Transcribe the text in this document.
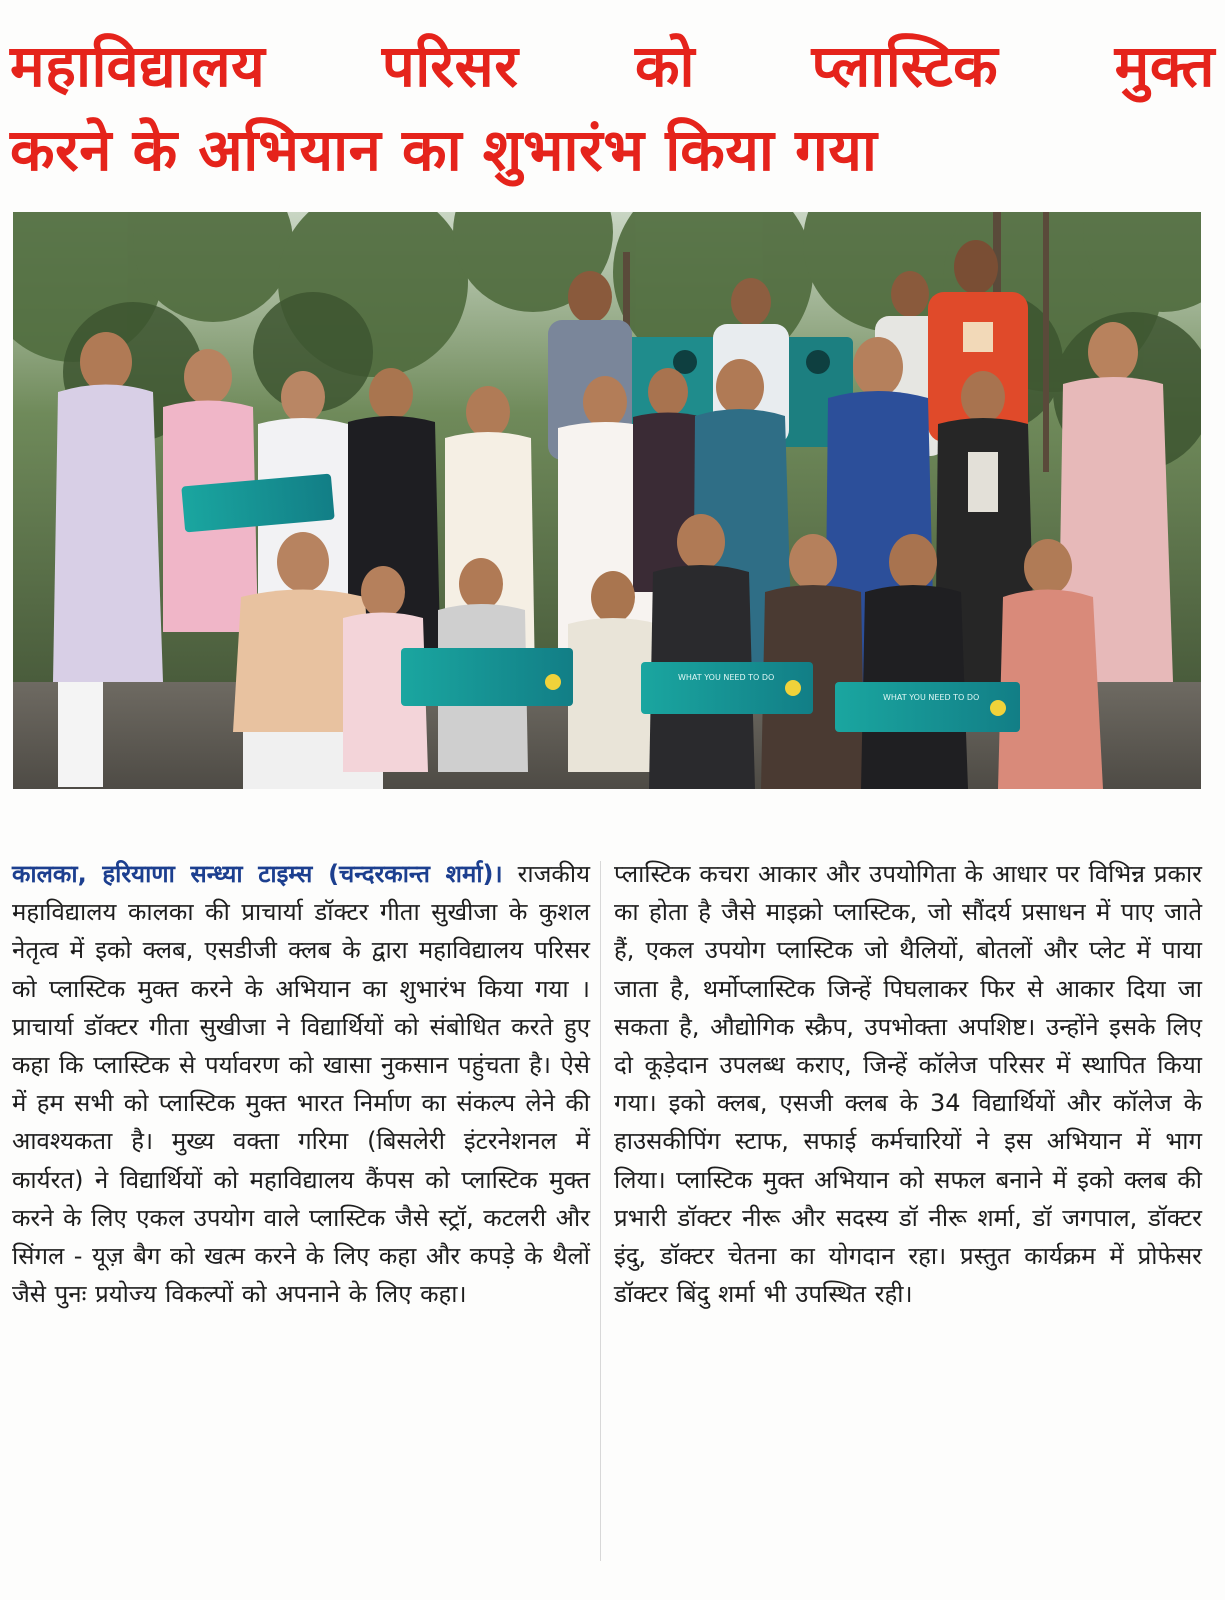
महाविद्यालय परिसर को प्लास्टिक मुक्त
करने के अभियान का शुभारंभ किया गया
WHAT YOU NEED TO DO
WHAT YOU NEED TO DO

कालका, हरियाणा सन्ध्या टाइम्स (चन्दरकान्त शर्मा)। राजकीय महाविद्यालय कालका की प्राचार्या डॉक्टर गीता सुखीजा के कुशल नेतृत्व में इको क्लब, एसडीजी क्लब के द्वारा महाविद्यालय परिसर को प्लास्टिक मुक्त करने के अभियान का शुभारंभ किया गया । प्राचार्या डॉक्टर गीता सुखीजा ने विद्यार्थियों को संबोधित करते हुए कहा कि प्लास्टिक से पर्यावरण को खासा नुकसान पहुंचता है। ऐसे में हम सभी को प्लास्टिक मुक्त भारत निर्माण का संकल्प लेने की आवश्यकता है। मुख्य वक्ता गरिमा (बिसलेरी इंटरनेशनल में कार्यरत) ने विद्यार्थियों को महाविद्यालय कैंपस को प्लास्टिक मुक्त करने के लिए एकल उपयोग वाले प्लास्टिक जैसे स्ट्रॉ, कटलरी और सिंगल - यूज़ बैग को खत्म करने के लिए कहा और कपड़े के थैलों जैसे पुनः प्रयोज्य विकल्पों को अपनाने के लिए कहा।

प्लास्टिक कचरा आकार और उपयोगिता के आधार पर विभिन्न प्रकार का होता है जैसे माइक्रो प्लास्टिक, जो सौंदर्य प्रसाधन में पाए जाते हैं, एकल उपयोग प्लास्टिक जो थैलियों, बोतलों और प्लेट में पाया जाता है, थर्मोप्लास्टिक जिन्हें पिघलाकर फिर से आकार दिया जा सकता है, औद्योगिक स्क्रैप, उपभोक्ता अपशिष्ट। उन्होंने इसके लिए दो कूड़ेदान उपलब्ध कराए, जिन्हें कॉलेज परिसर में स्थापित किया गया। इको क्लब, एसजी क्लब के 34 विद्यार्थियों और कॉलेज के हाउसकीपिंग स्टाफ, सफाई कर्मचारियों ने इस अभियान में भाग लिया। प्लास्टिक मुक्त अभियान को सफल बनाने में इको क्लब की प्रभारी डॉक्टर नीरू और सदस्य डॉ नीरू शर्मा, डॉ जगपाल, डॉक्टर इंदु, डॉक्टर चेतना का योगदान रहा। प्रस्तुत कार्यक्रम में प्रोफेसर डॉक्टर बिंदु शर्मा भी उपस्थित रही।
